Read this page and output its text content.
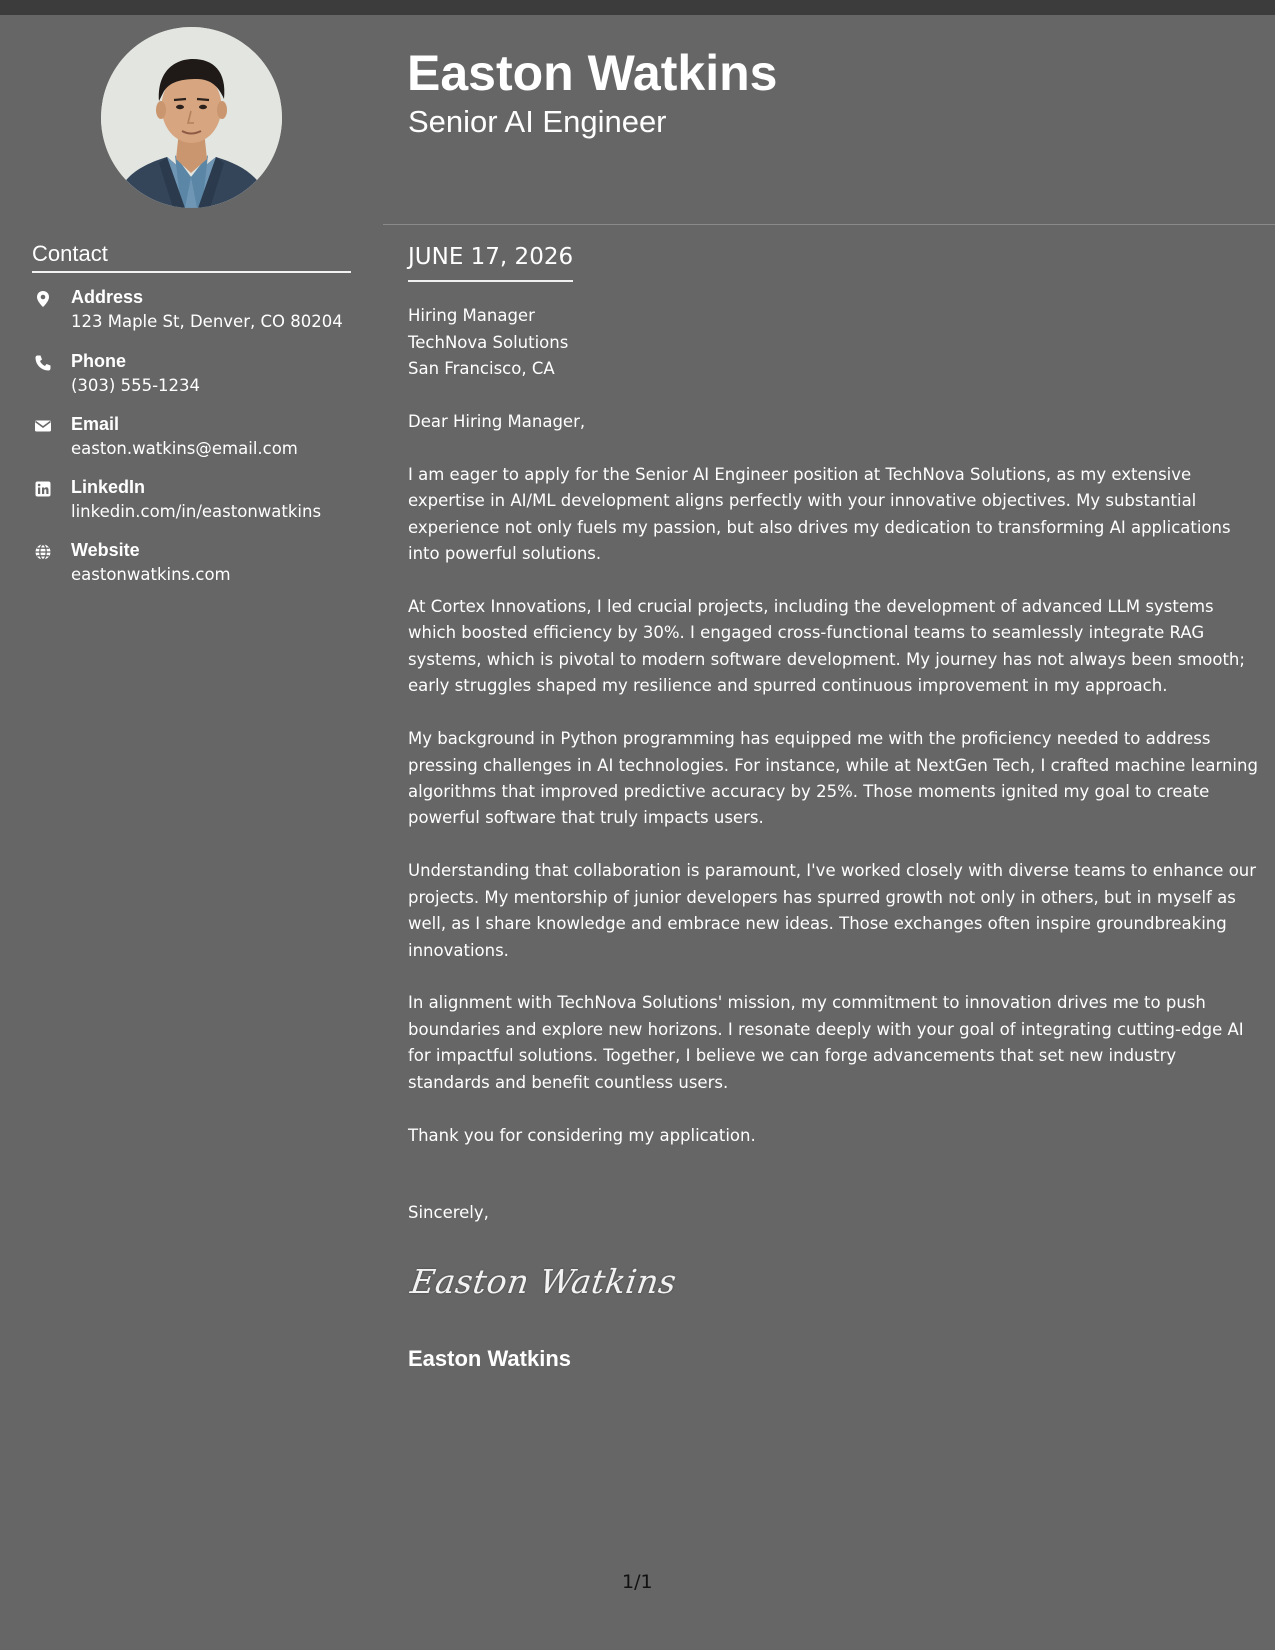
Contact
Address
123 Maple St, Denver, CO 80204
Phone
(303) 555-1234
Email
easton.watkins@email.com
LinkedIn
linkedin.com/in/eastonwatkins
Website
eastonwatkins.com
Easton Watkins
Senior AI Engineer
JUNE 17, 2026
Hiring Manager
TechNova Solutions
San Francisco, CA

Dear Hiring Manager,

I am eager to apply for the Senior AI Engineer position at TechNova Solutions, as my extensive expertise in AI/ML development aligns perfectly with your innovative objectives. My substantial experience not only fuels my passion, but also drives my dedication to transforming AI applications into powerful solutions.

At Cortex Innovations, I led crucial projects, including the development of advanced LLM systems which boosted efficiency by 30%. I engaged cross-functional teams to seamlessly integrate RAG systems, which is pivotal to modern software development. My journey has not always been smooth; early struggles shaped my resilience and spurred continuous improvement in my approach.

My background in Python programming has equipped me with the proficiency needed to address pressing challenges in AI technologies. For instance, while at NextGen Tech, I crafted machine learning algorithms that improved predictive accuracy by 25%. Those moments ignited my goal to create powerful software that truly impacts users.

Understanding that collaboration is paramount, I've worked closely with diverse teams to enhance our projects. My mentorship of junior developers has spurred growth not only in others, but in myself as well, as I share knowledge and embrace new ideas. Those exchanges often inspire groundbreaking innovations.

In alignment with TechNova Solutions' mission, my commitment to innovation drives me to push boundaries and explore new horizons. I resonate deeply with your goal of integrating cutting-edge AI for impactful solutions. Together, I believe we can forge advancements that set new industry standards and benefit countless users.

Thank you for considering my application.

Sincerely,
Easton Watkins
Easton Watkins
1/1
